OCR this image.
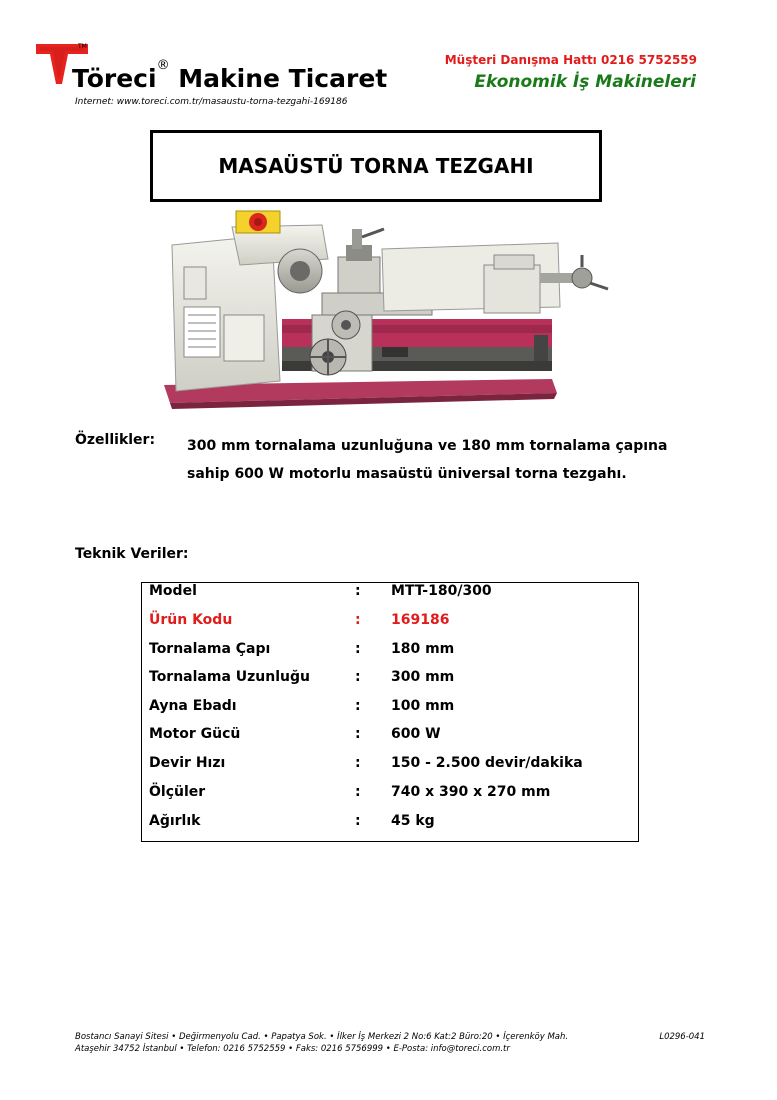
TM
Töreci® Makine Ticaret
Internet: www.toreci.com.tr/masaustu-torna-tezgahi-169186
Müşteri Danışma Hattı 0216 5752559
Ekonomik İş Makineleri
MASAÜSTÜ TORNA TEZGAHI
Özellikler: 300 mm tornalama uzunluğuna ve 180 mm tornalama çapına sahip 600 W motorlu masaüstü üniversal torna tezgahı.
Teknik Veriler:
Model	: MTT-180/300
Ürün Kodu	: 169186
Tornalama Çapı	: 180 mm
Tornalama Uzunluğu	: 300 mm
Ayna Ebadı	: 100 mm
Motor Gücü	: 600 W
Devir Hızı	: 150 - 2.500 devir/dakika
Ölçüler	: 740 x 390 x 270 mm
Ağırlık	: 45 kg
Bostancı Sanayi Sitesi • Değirmenyolu Cad. • Papatya Sok. • İlker İş Merkezi 2 No:6 Kat:2 Büro:20 • İçerenköy Mah.
Ataşehir 34752 İstanbul • Telefon: 0216 5752559 • Faks: 0216 5756999 • E-Posta: info@toreci.com.tr
L0296-041
